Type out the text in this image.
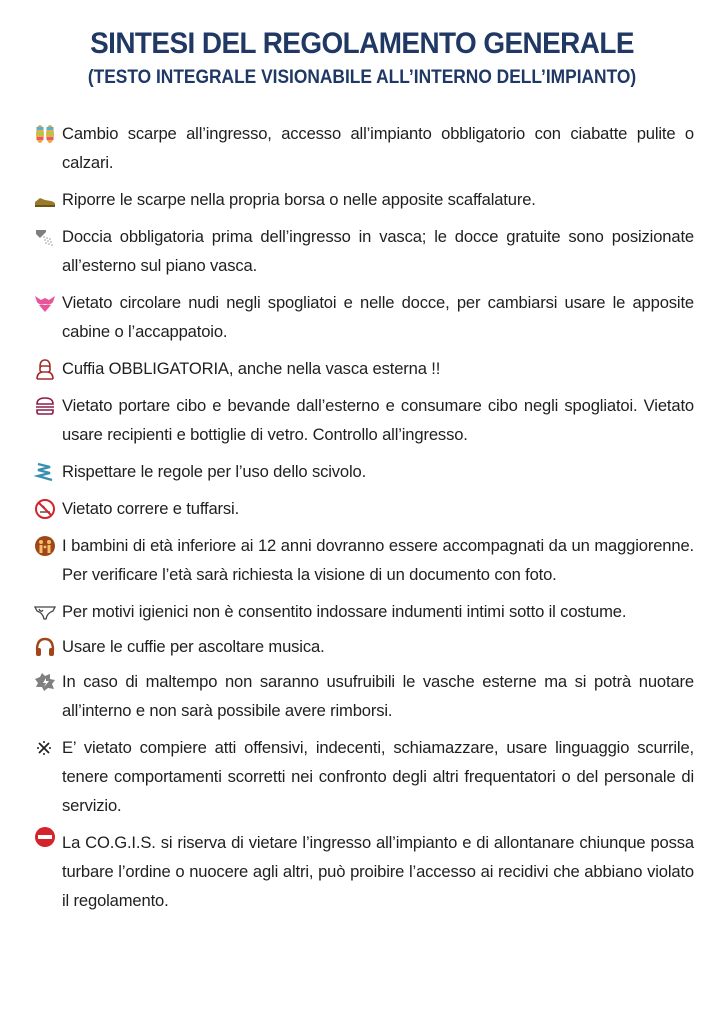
SINTESI DEL REGOLAMENTO GENERALE
(TESTO INTEGRALE VISIONABILE ALL’INTERNO DELL’IMPIANTO)
Cambio scarpe all’ingresso, accesso all’impianto obbligatorio con ciabatte pulite o calzari.
Riporre le scarpe nella propria borsa o nelle apposite scaffalature.
Doccia obbligatoria prima dell’ingresso in vasca; le docce gratuite sono posizionate all’esterno sul piano vasca.
Vietato circolare nudi negli spogliatoi e nelle docce, per cambiarsi usare le apposite cabine o l’accappatoio.
Cuffia OBBLIGATORIA, anche nella vasca esterna !!
Vietato portare cibo e bevande dall’esterno e consumare cibo negli spogliatoi. Vietato usare recipienti e bottiglie di vetro. Controllo all’ingresso.
Rispettare le regole per l’uso dello scivolo.
Vietato correre e tuffarsi.
I bambini di età inferiore ai 12 anni dovranno essere accompagnati da un maggiorenne. Per verificare l’età sarà richiesta la visione di un documento con foto.
Per motivi igienici non è consentito indossare indumenti intimi sotto il costume.
Usare le cuffie per ascoltare musica.
In caso di maltempo non saranno usufruibili le vasche esterne ma si potrà nuotare all’interno e non sarà possibile avere rimborsi.
E’ vietato compiere atti offensivi, indecenti, schiamazzare, usare linguaggio scurrile, tenere comportamenti scorretti nei confronto degli altri frequentatori o del personale di servizio.
La CO.G.I.S. si riserva di vietare l’ingresso all’impianto e di allontanare chiunque possa turbare l’ordine o nuocere agli altri, può proibire l’accesso ai recidivi che abbiano violato il regolamento.
